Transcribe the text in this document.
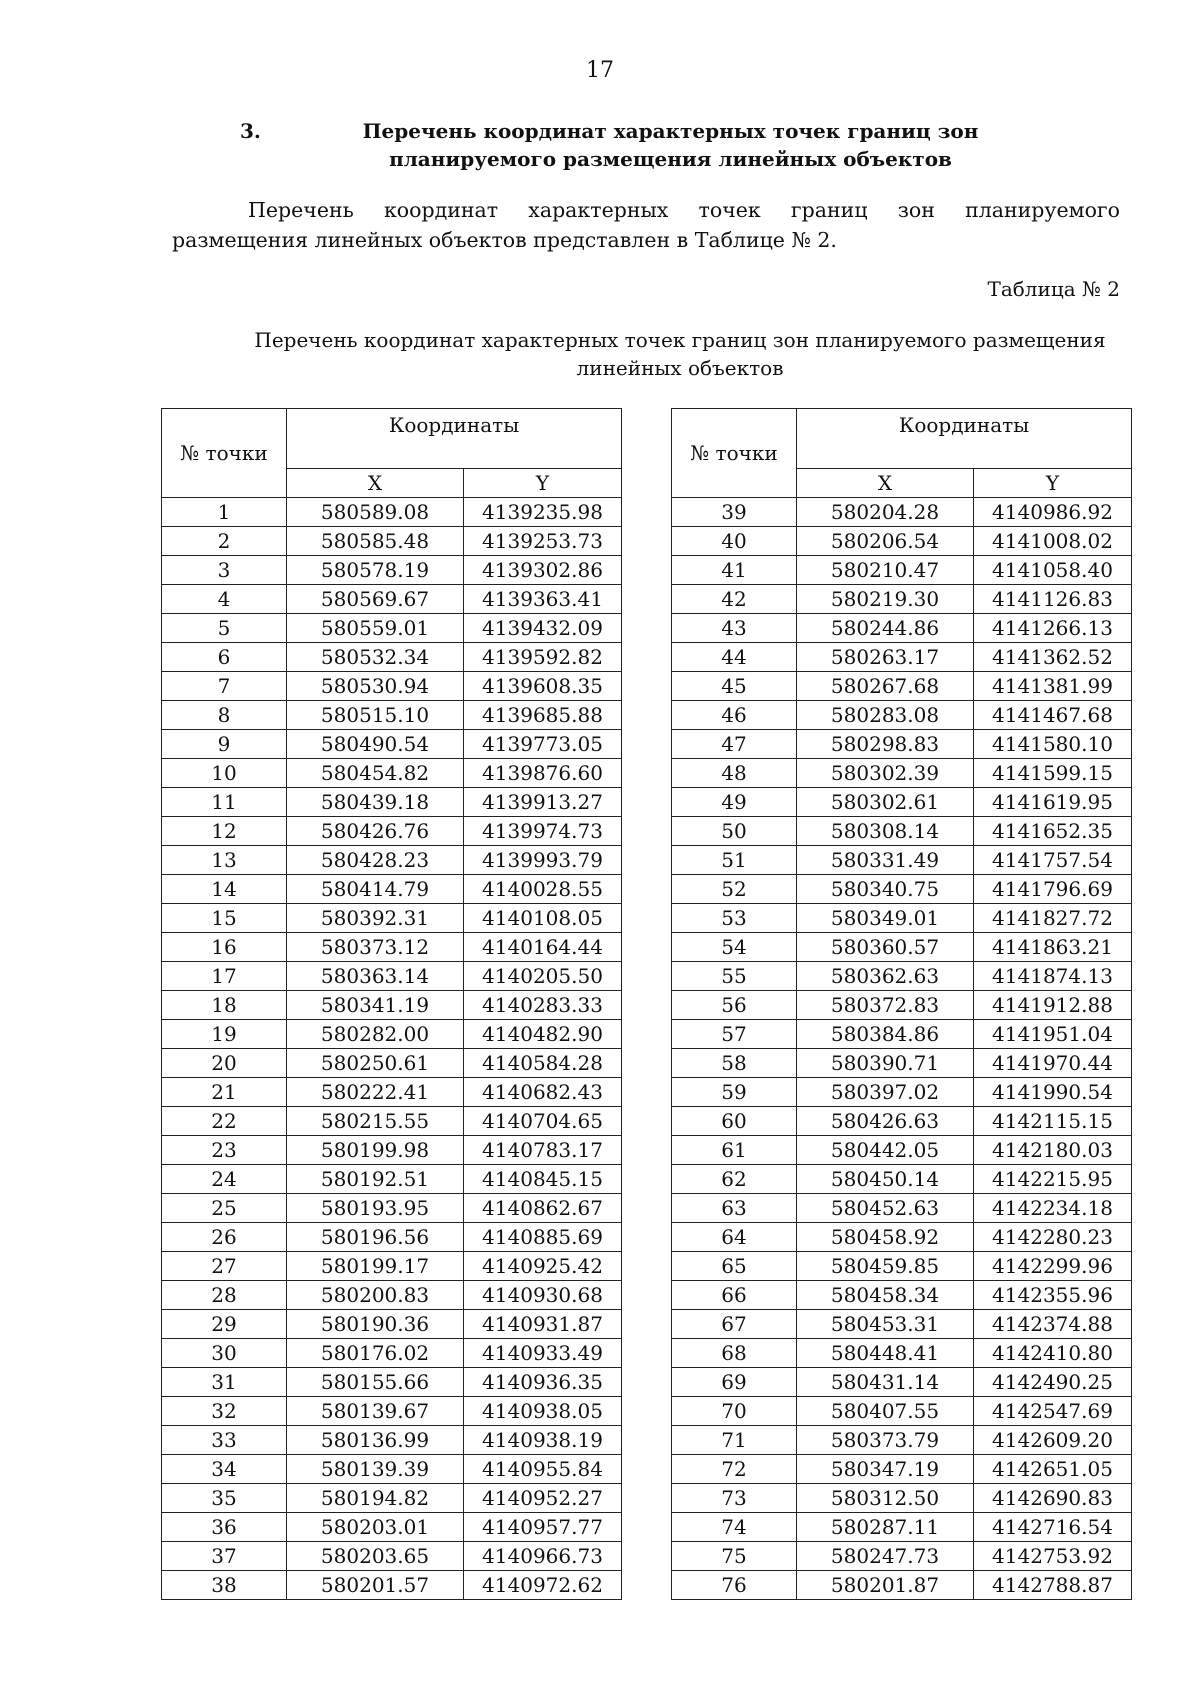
17
3.	Перечень координат характерных точек границ зон планируемого размещения линейных объектов
Перечень координат характерных точек границ зон планируемого размещения линейных объектов представлен в Таблице № 2.
Таблица № 2
Перечень координат характерных точек границ зон планируемого размещения линейных объектов
№ точки	Координаты	
	X	Y
1	580589.08	4139235.98
2	580585.48	4139253.73
3	580578.19	4139302.86
4	580569.67	4139363.41
5	580559.01	4139432.09
6	580532.34	4139592.82
7	580530.94	4139608.35
8	580515.10	4139685.88
9	580490.54	4139773.05
10	580454.82	4139876.60
11	580439.18	4139913.27
12	580426.76	4139974.73
13	580428.23	4139993.79
14	580414.79	4140028.55
15	580392.31	4140108.05
16	580373.12	4140164.44
17	580363.14	4140205.50
18	580341.19	4140283.33
19	580282.00	4140482.90
20	580250.61	4140584.28
21	580222.41	4140682.43
22	580215.55	4140704.65
23	580199.98	4140783.17
24	580192.51	4140845.15
25	580193.95	4140862.67
26	580196.56	4140885.69
27	580199.17	4140925.42
28	580200.83	4140930.68
29	580190.36	4140931.87
30	580176.02	4140933.49
31	580155.66	4140936.35
32	580139.67	4140938.05
33	580136.99	4140938.19
34	580139.39	4140955.84
35	580194.82	4140952.27
36	580203.01	4140957.77
37	580203.65	4140966.73
38	580201.57	4140972.62
№ точки	Координаты	
	X	Y
39	580204.28	4140986.92
40	580206.54	4141008.02
41	580210.47	4141058.40
42	580219.30	4141126.83
43	580244.86	4141266.13
44	580263.17	4141362.52
45	580267.68	4141381.99
46	580283.08	4141467.68
47	580298.83	4141580.10
48	580302.39	4141599.15
49	580302.61	4141619.95
50	580308.14	4141652.35
51	580331.49	4141757.54
52	580340.75	4141796.69
53	580349.01	4141827.72
54	580360.57	4141863.21
55	580362.63	4141874.13
56	580372.83	4141912.88
57	580384.86	4141951.04
58	580390.71	4141970.44
59	580397.02	4141990.54
60	580426.63	4142115.15
61	580442.05	4142180.03
62	580450.14	4142215.95
63	580452.63	4142234.18
64	580458.92	4142280.23
65	580459.85	4142299.96
66	580458.34	4142355.96
67	580453.31	4142374.88
68	580448.41	4142410.80
69	580431.14	4142490.25
70	580407.55	4142547.69
71	580373.79	4142609.20
72	580347.19	4142651.05
73	580312.50	4142690.83
74	580287.11	4142716.54
75	580247.73	4142753.92
76	580201.87	4142788.87
